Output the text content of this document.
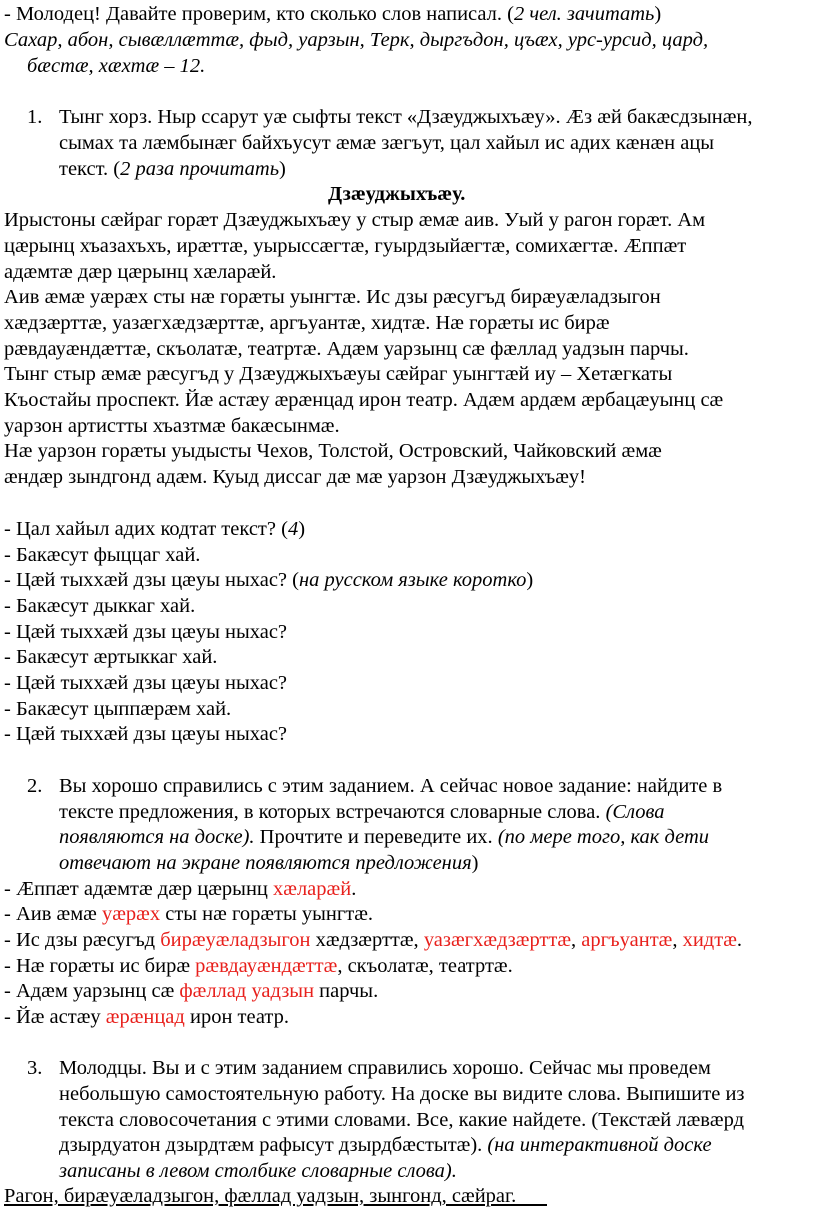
- Молодец! Давайте проверим, кто сколько слов написал. (2 чел. зачитать)
Сахар, абон, сывæллæттæ, фыд, уарзын, Терк, дыргъдон, цъæх, урс-урсид, цард,
бæстæ, хæхтæ – 12.
1. Тынг хорз. Ныр ссарут уæ сыфты текст «Дзæуджыхъæу». Æз æй бакæсдзынæн,
сымах та лæмбынæг байхъусут æмæ зæгъут, цал хайыл ис адих кæнæн ацы
текст. (2 раза прочитать)
Дзæуджыхъæу.
Ирыстоны сæйраг горæт Дзæуджыхъæу у стыр æмæ аив. Уый у рагон горæт. Ам
цæрынц хъазахъхъ, ирæттæ, уырыссæгтæ, гуырдзыйæгтæ, сомихæгтæ. Æппæт
адæмтæ дæр цæрынц хæларæй.
Аив æмæ уæрæх сты нæ горæты уынгтæ. Ис дзы рæсугъд бирæуæладзыгон
хæдзæрттæ, уазæгхæдзæрттæ, аргъуантæ, хидтæ. Нæ горæты ис бирæ
рæвдауæндæттæ, скъолатæ, театртæ. Адæм уарзынц сæ фæллад уадзын парчы.
Тынг стыр æмæ рæсугъд у Дзæуджыхъæуы сæйраг уынгтæй иу – Хетæгкаты
Къостайы проспект. Йæ астæу æрæнцад ирон театр. Адæм ардæм æрбацæуынц сæ
уарзон артистты хъазтмæ бакæсынмæ.
Нæ уарзон горæты уыдысты Чехов, Толстой, Островский, Чайковский æмæ
æндæр зындгонд адæм. Куыд диссаг дæ мæ уарзон Дзæуджыхъæу!
- Цал хайыл адих кодтат текст? (4)
- Бакæсут фыццаг хай.
- Цæй тыххæй дзы цæуы ныхас? (на русском языке коротко)
- Бакæсут дыккаг хай.
- Цæй тыххæй дзы цæуы ныхас?
- Бакæсут æртыккаг хай.
- Цæй тыххæй дзы цæуы ныхас?
- Бакæсут цыппæрæм хай.
- Цæй тыххæй дзы цæуы ныхас?
2. Вы хорошо справились с этим заданием. А сейчас новое задание: найдите в
тексте предложения, в которых встречаются словарные слова. (Слова
появляются на доске). Прочтите и переведите их. (по мере того, как дети
отвечают на экране появляются предложения)
- Æппæт адæмтæ дæр цæрынц хæларæй.
- Аив æмæ уæрæх сты нæ горæты уынгтæ.
- Ис дзы рæсугъд бирæуæладзыгон хæдзæрттæ, уазæгхæдзæрттæ, аргъуантæ, хидтæ.
- Нæ горæты ис бирæ рæвдауæндæттæ, скъолатæ, театртæ.
- Адæм уарзынц сæ фæллад уадзын парчы.
- Йæ астæу æрæнцад ирон театр.
3. Молодцы. Вы и с этим заданием справились хорошо. Сейчас мы проведем
небольшую самостоятельную работу. На доске вы видите слова. Выпишите из
текста словосочетания с этими словами. Все, какие найдете. (Текстæй лæвæрд
дзырдуатон дзырдтæм рафысут дзырдбæстытæ). (на интерактивной доске
записаны в левом столбике словарные слова).
Рагон, бирæуæладзыгон, фæллад уадзын, зынгонд, сæйраг.
